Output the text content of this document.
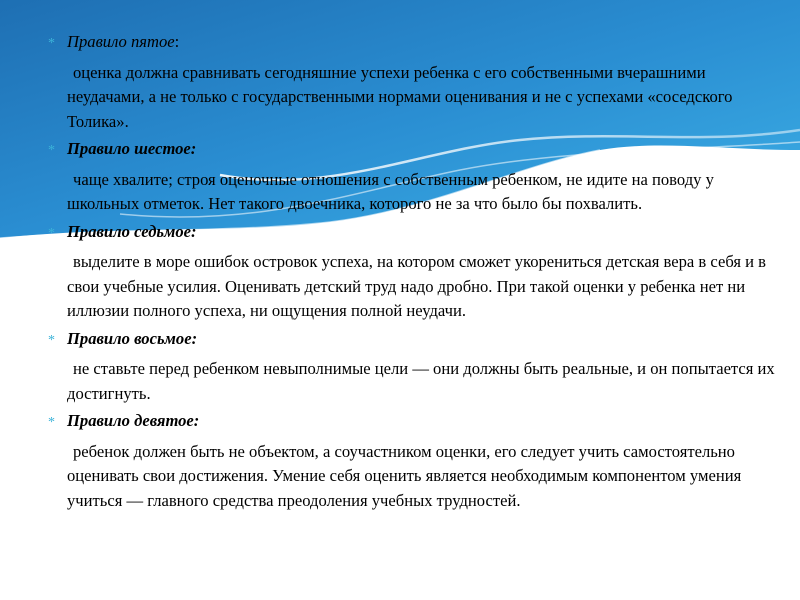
* Правило пятое:
оценка должна сравнивать сегодняшние успехи ребенка с его собственными вчерашними неудачами, а не только с государственными нормами оценивания и не с успехами «соседского Толика».
* Правило шестое:
чаще хвалите; строя оценочные отношения с собственным ребенком, не идите на поводу у школьных отметок. Нет такого двоечника, которого не за что было бы похвалить.
* Правило седьмое:
выделите в море ошибок островок успеха, на котором сможет укорениться детская вера в себя и в свои учебные усилия. Оценивать детский труд надо дробно. При такой оценки у ребенка нет ни иллюзии полного успеха, ни ощущения полной неудачи.
* Правило восьмое:
не ставьте перед ребенком невыполнимые цели — они должны быть реальные, и он попытается их достигнуть.
* Правило девятое:
ребенок должен быть не объектом, а соучастником оценки, его следует учить самостоятельно оценивать свои достижения. Умение себя оценить является необходимым компонентом умения учиться — главного средства преодоления учебных трудностей.
